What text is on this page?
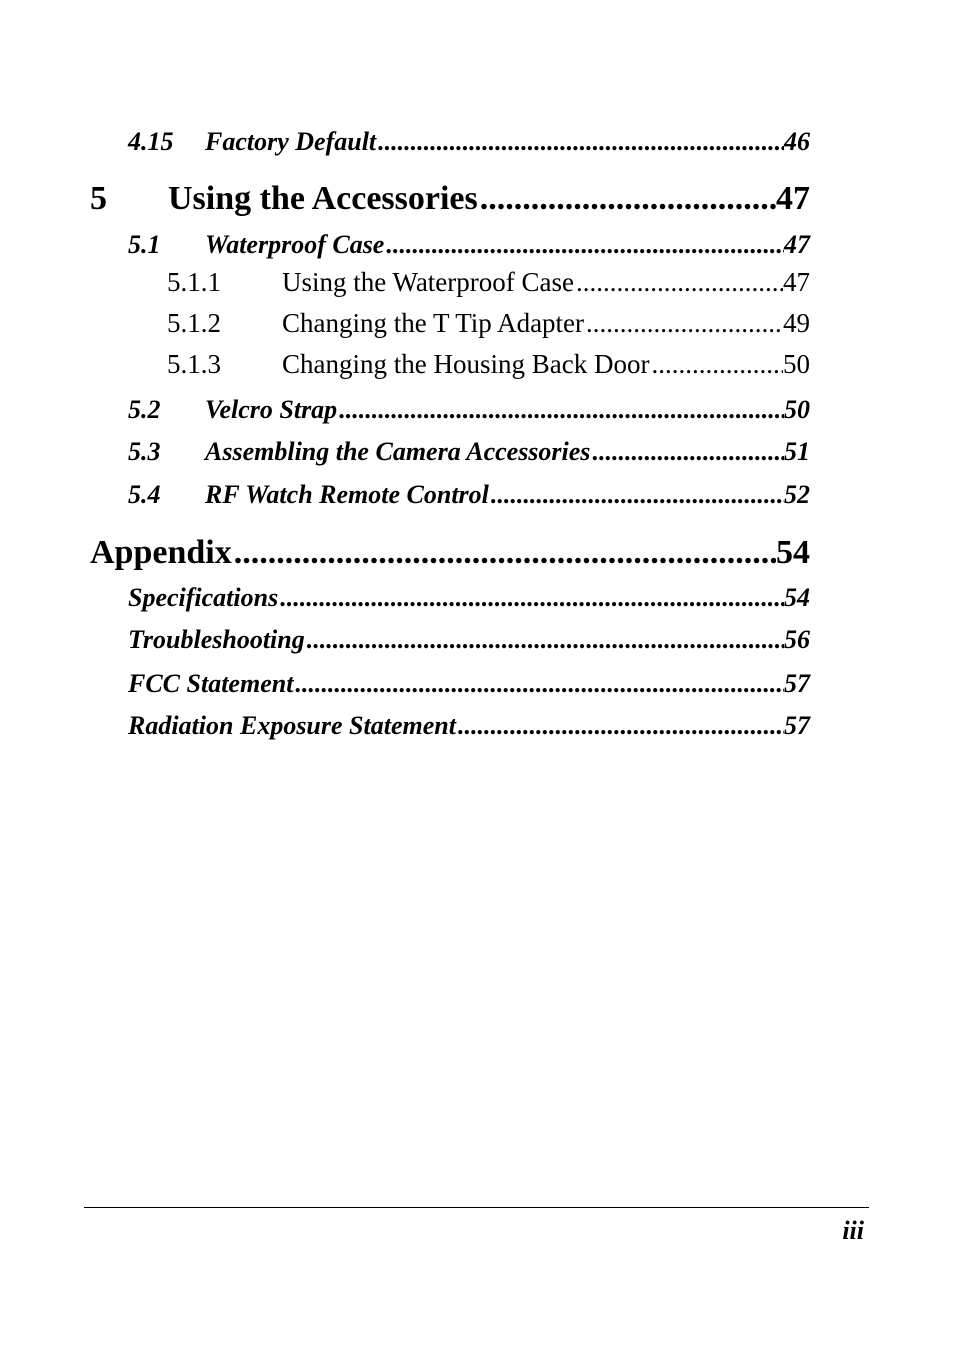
4.15	Factory Default .....	46
5	Using the Accessories .....	47
5.1	Waterproof Case .....	47
5.1.1	Using the Waterproof Case .....	47
5.1.2	Changing the T Tip Adapter .....	49
5.1.3	Changing the Housing Back Door .....	50
5.2	Velcro Strap .....	50
5.3	Assembling the Camera Accessories .....	51
5.4	RF Watch Remote Control .....	52
Appendix .....	54
Specifications .....	54
Troubleshooting .....	56
FCC Statement .....	57
Radiation Exposure Statement .....	57
iii
